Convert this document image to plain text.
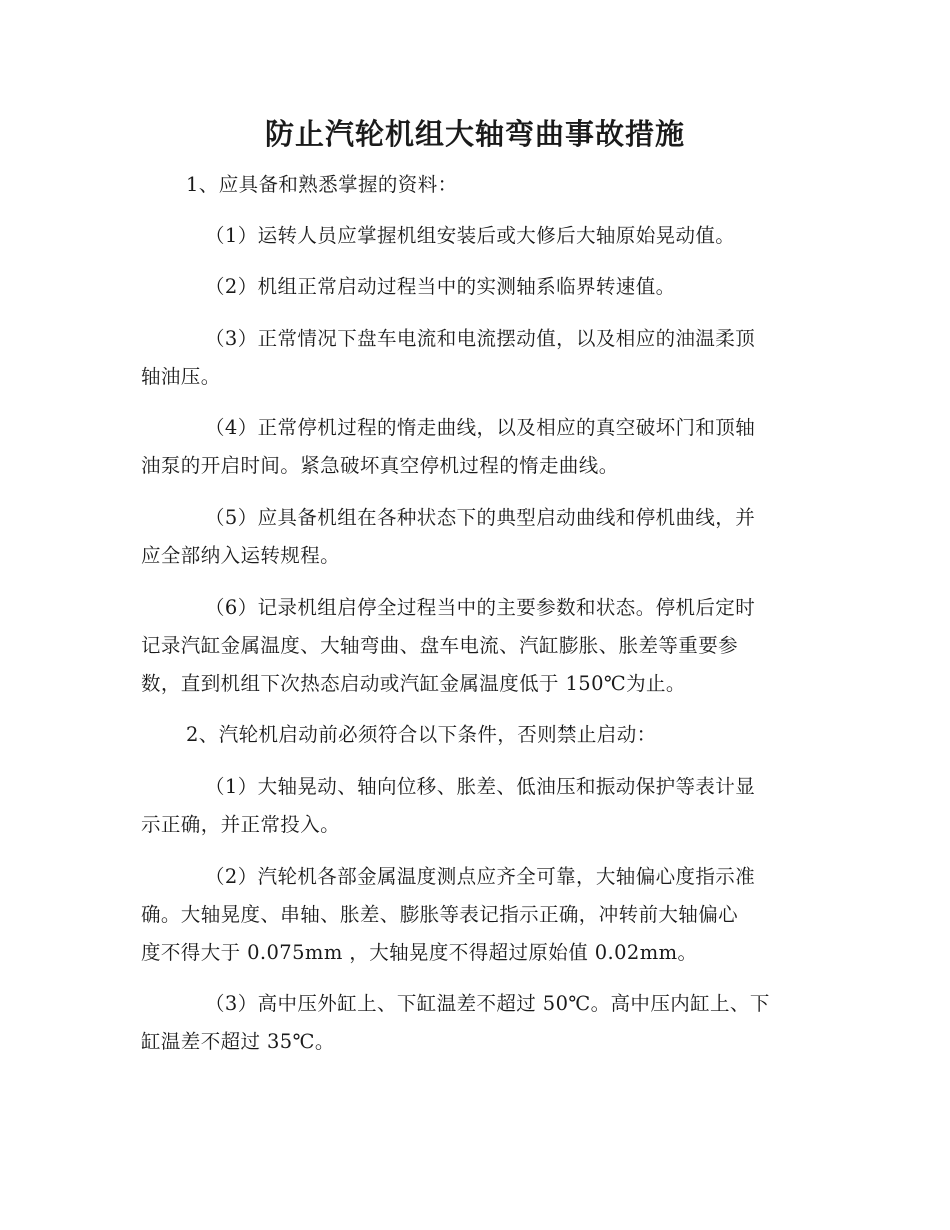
防止汽轮机组大轴弯曲事故措施
1、应具备和熟悉掌握的资料：
（1）运转人员应掌握机组安装后或大修后大轴原始晃动值。
（2）机组正常启动过程当中的实测轴系临界转速值。
（3）正常情况下盘车电流和电流摆动值，以及相应的油温柔顶
轴油压。
（4）正常停机过程的惰走曲线，以及相应的真空破坏门和顶轴
油泵的开启时间。紧急破坏真空停机过程的惰走曲线。
（5）应具备机组在各种状态下的典型启动曲线和停机曲线，并
应全部纳入运转规程。
（6）记录机组启停全过程当中的主要参数和状态。停机后定时
记录汽缸金属温度、大轴弯曲、盘车电流、汽缸膨胀、胀差等重要参
数，直到机组下次热态启动或汽缸金属温度低于 150℃为止。
2、汽轮机启动前必须符合以下条件，否则禁止启动：
（1）大轴晃动、轴向位移、胀差、低油压和振动保护等表计显
示正确，并正常投入。
（2）汽轮机各部金属温度测点应齐全可靠，大轴偏心度指示准
确。大轴晃度、串轴、胀差、膨胀等表记指示正确，冲转前大轴偏心
度不得大于 0.075mm ，大轴晃度不得超过原始值 0.02mm。
（3）高中压外缸上、下缸温差不超过 50℃。高中压内缸上、下
缸温差不超过 35℃。
